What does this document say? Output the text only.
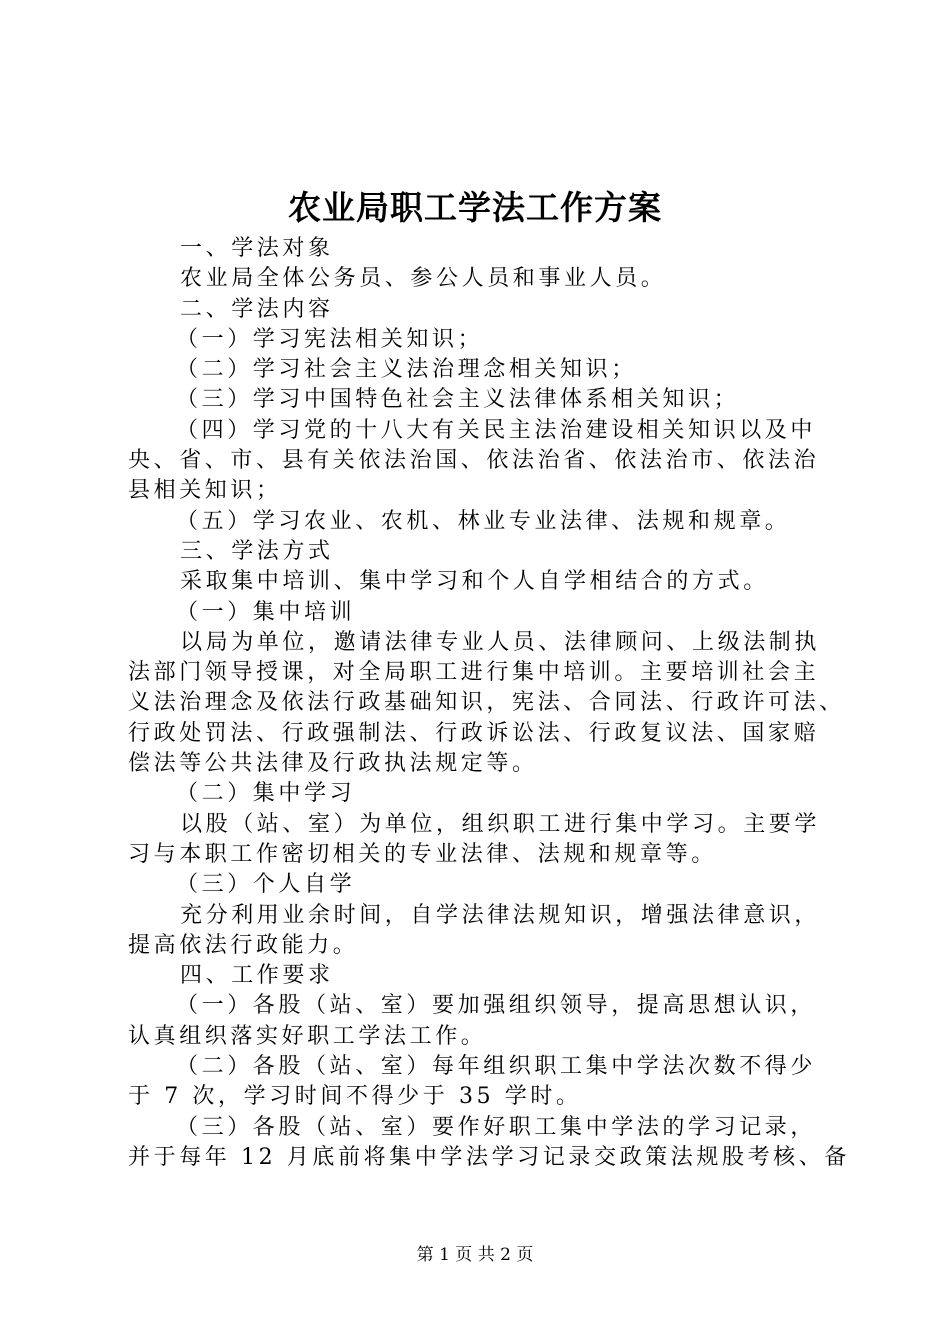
农业局职工学法工作方案

一、学法对象

农业局全体公务员、参公人员和事业人员。

二、学法内容

（一）学习宪法相关知识；

（二）学习社会主义法治理念相关知识；

（三）学习中国特色社会主义法律体系相关知识；

（四）学习党的十八大有关民主法治建设相关知识以及中

央、省、市、县有关依法治国、依法治省、依法治市、依法治

县相关知识；

（五）学习农业、农机、林业专业法律、法规和规章。

三、学法方式

采取集中培训、集中学习和个人自学相结合的方式。

（一）集中培训

以局为单位，邀请法律专业人员、法律顾问、上级法制执

法部门领导授课，对全局职工进行集中培训。主要培训社会主

义法治理念及依法行政基础知识，宪法、合同法、行政许可法、

行政处罚法、行政强制法、行政诉讼法、行政复议法、国家赔

偿法等公共法律及行政执法规定等。

（二）集中学习

以股（站、室）为单位，组织职工进行集中学习。主要学

习与本职工作密切相关的专业法律、法规和规章等。

（三）个人自学

充分利用业余时间，自学法律法规知识，增强法律意识，

提高依法行政能力。

四、工作要求

（一）各股（站、室）要加强组织领导，提高思想认识，

认真组织落实好职工学法工作。

（二）各股（站、室）每年组织职工集中学法次数不得少

于 7 次，学习时间不得少于 35 学时。

（三）各股（站、室）要作好职工集中学法的学习记录，

并于每年 12 月底前将集中学法学习记录交政策法规股考核、备

第 1 页 共 2 页
